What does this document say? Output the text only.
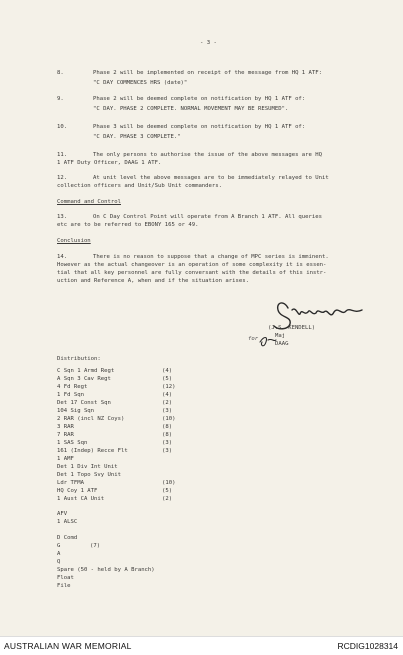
- 3 -
8.	Phase 2 will be implemented on receipt of the message from HQ 1 ATF:
"C DAY COMMENCES HRS (date)"
9.	Phase 2 will be deemed complete on notification by HQ 1 ATF of:
"C DAY. PHASE 2 COMPLETE. NORMAL MOVEMENT MAY BE RESUMED".
10.	Phase 3 will be deemed complete on notification by HQ 1 ATF of:
"C DAY. PHASE 3 COMPLETE."
11.	The only persons to authorise the issue of the above messages are HQ
1 ATF Duty Officer, DAAG 1 ATF.
12.	At unit level the above messages are to be immediately relayed to Unit
collection officers and Unit/Sub Unit commanders.
Command and Control
13.	On C Day Control Point will operate from A Branch 1 ATF. All queries
etc are to be referred to EBONY 165 or 49.
Conclusion
14.	There is no reason to suppose that a change of MPC series is imminent.
However as the actual changeover is an operation of some complexity it is essen-
tial that all key personnel are fully conversant with the details of this instr-
uction and Reference A, when and if the situation arises.
for
(J.S. KENDELL)
Maj
DAAG
Distribution:
C Sqn 1 Armd Regt	(4)
A Sqn 3 Cav Regt	(5)
4 Fd Regt	(12)
1 Fd Sqn	(4)
Det 17 Const Sqn	(2)
104 Sig Sqn	(3)
2 RAR (incl NZ Coys)	(10)
3 RAR	(8)
7 RAR	(8)
1 SAS Sqn	(3)
161 (Indep) Recce Flt	(3)
1 AMF
Det 1 Div Int Unit
Det 1 Topo Svy Unit
Ldr TFMA	(10)
HQ Coy 1 ATF	(5)
1 Aust CA Unit	(2)
AFV
1 ALSC
D Comd
G	(7)
A
Q
Spare (50 - held by A Branch)
Float
File
AUSTRALIAN WAR MEMORIAL	RCDIG1028314
